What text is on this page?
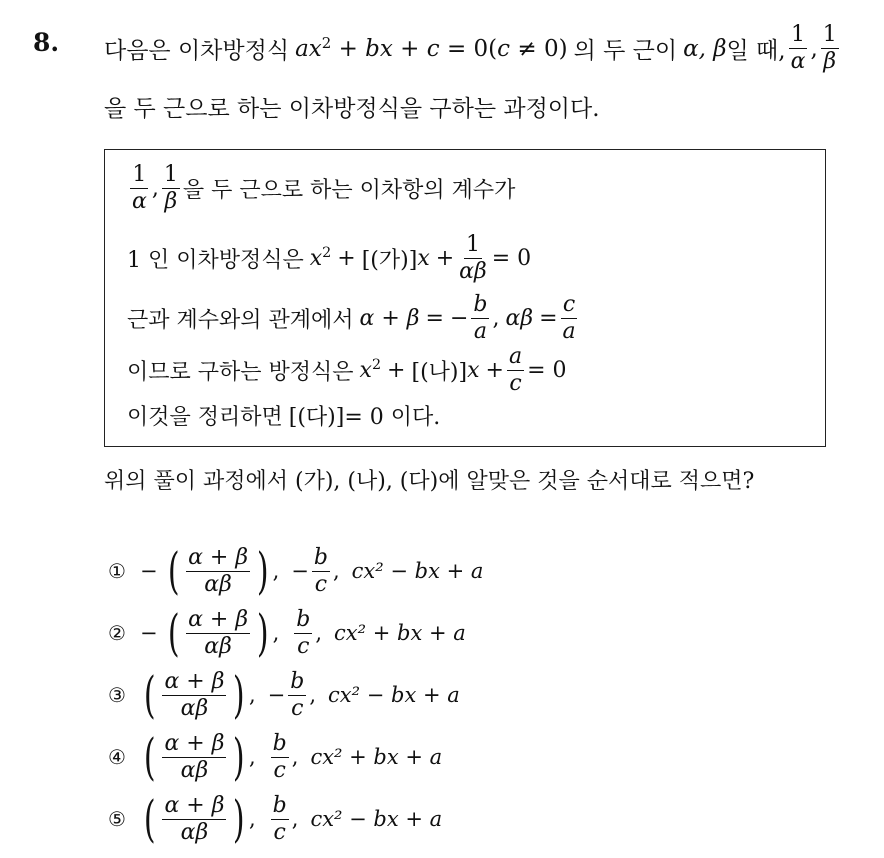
8. 다음은 이차방정식 $ax^2$ + bx + c = 0(c ≠ 0) 의 두 근이 α, β 일 때, $\frac{1}{\alpha}$ , $\frac{1}{\beta}$
을 두 근으로 하는 이차방정식을 구하는 과정이다.
$\frac{1}{\alpha}$ , $\frac{1}{\beta}$ 을 두 근으로 하는 이차항의 계수가
1 인 이차방정식은 $x^2$ + [(가)] $x + \frac{1}{\alpha\beta} = 0$
근과 계수와의 관계에서 α + β = − $\frac{b}{a}$ , $\alpha\beta = \frac{c}{a}$
이므로 구하는 방정식은 $x^2$ + [(나)] $x + \frac{a}{c} = 0$
이것을 정리하면 [(다)] = 0 이다.
위의 풀이 과정에서 (가), (나), (다)에 알맞은 것을 순서대로 적으면?
① − ( $\frac{\alpha + \beta}{\alpha\beta}$ ) , − $\frac{b}{c}$ , cx² − bx + a
② − ( $\frac{\alpha + \beta}{\alpha\beta}$ ) , $\frac{b}{c}$ , cx² + bx + a
③ ( $\frac{\alpha + \beta}{\alpha\beta}$ ) , − $\frac{b}{c}$ , cx² − bx + a
④ ( $\frac{\alpha + \beta}{\alpha\beta}$ ) , $\frac{b}{c}$ , cx² + bx + a
⑤ ( $\frac{\alpha + \beta}{\alpha\beta}$ ) , $\frac{b}{c}$ , cx² − bx + a
